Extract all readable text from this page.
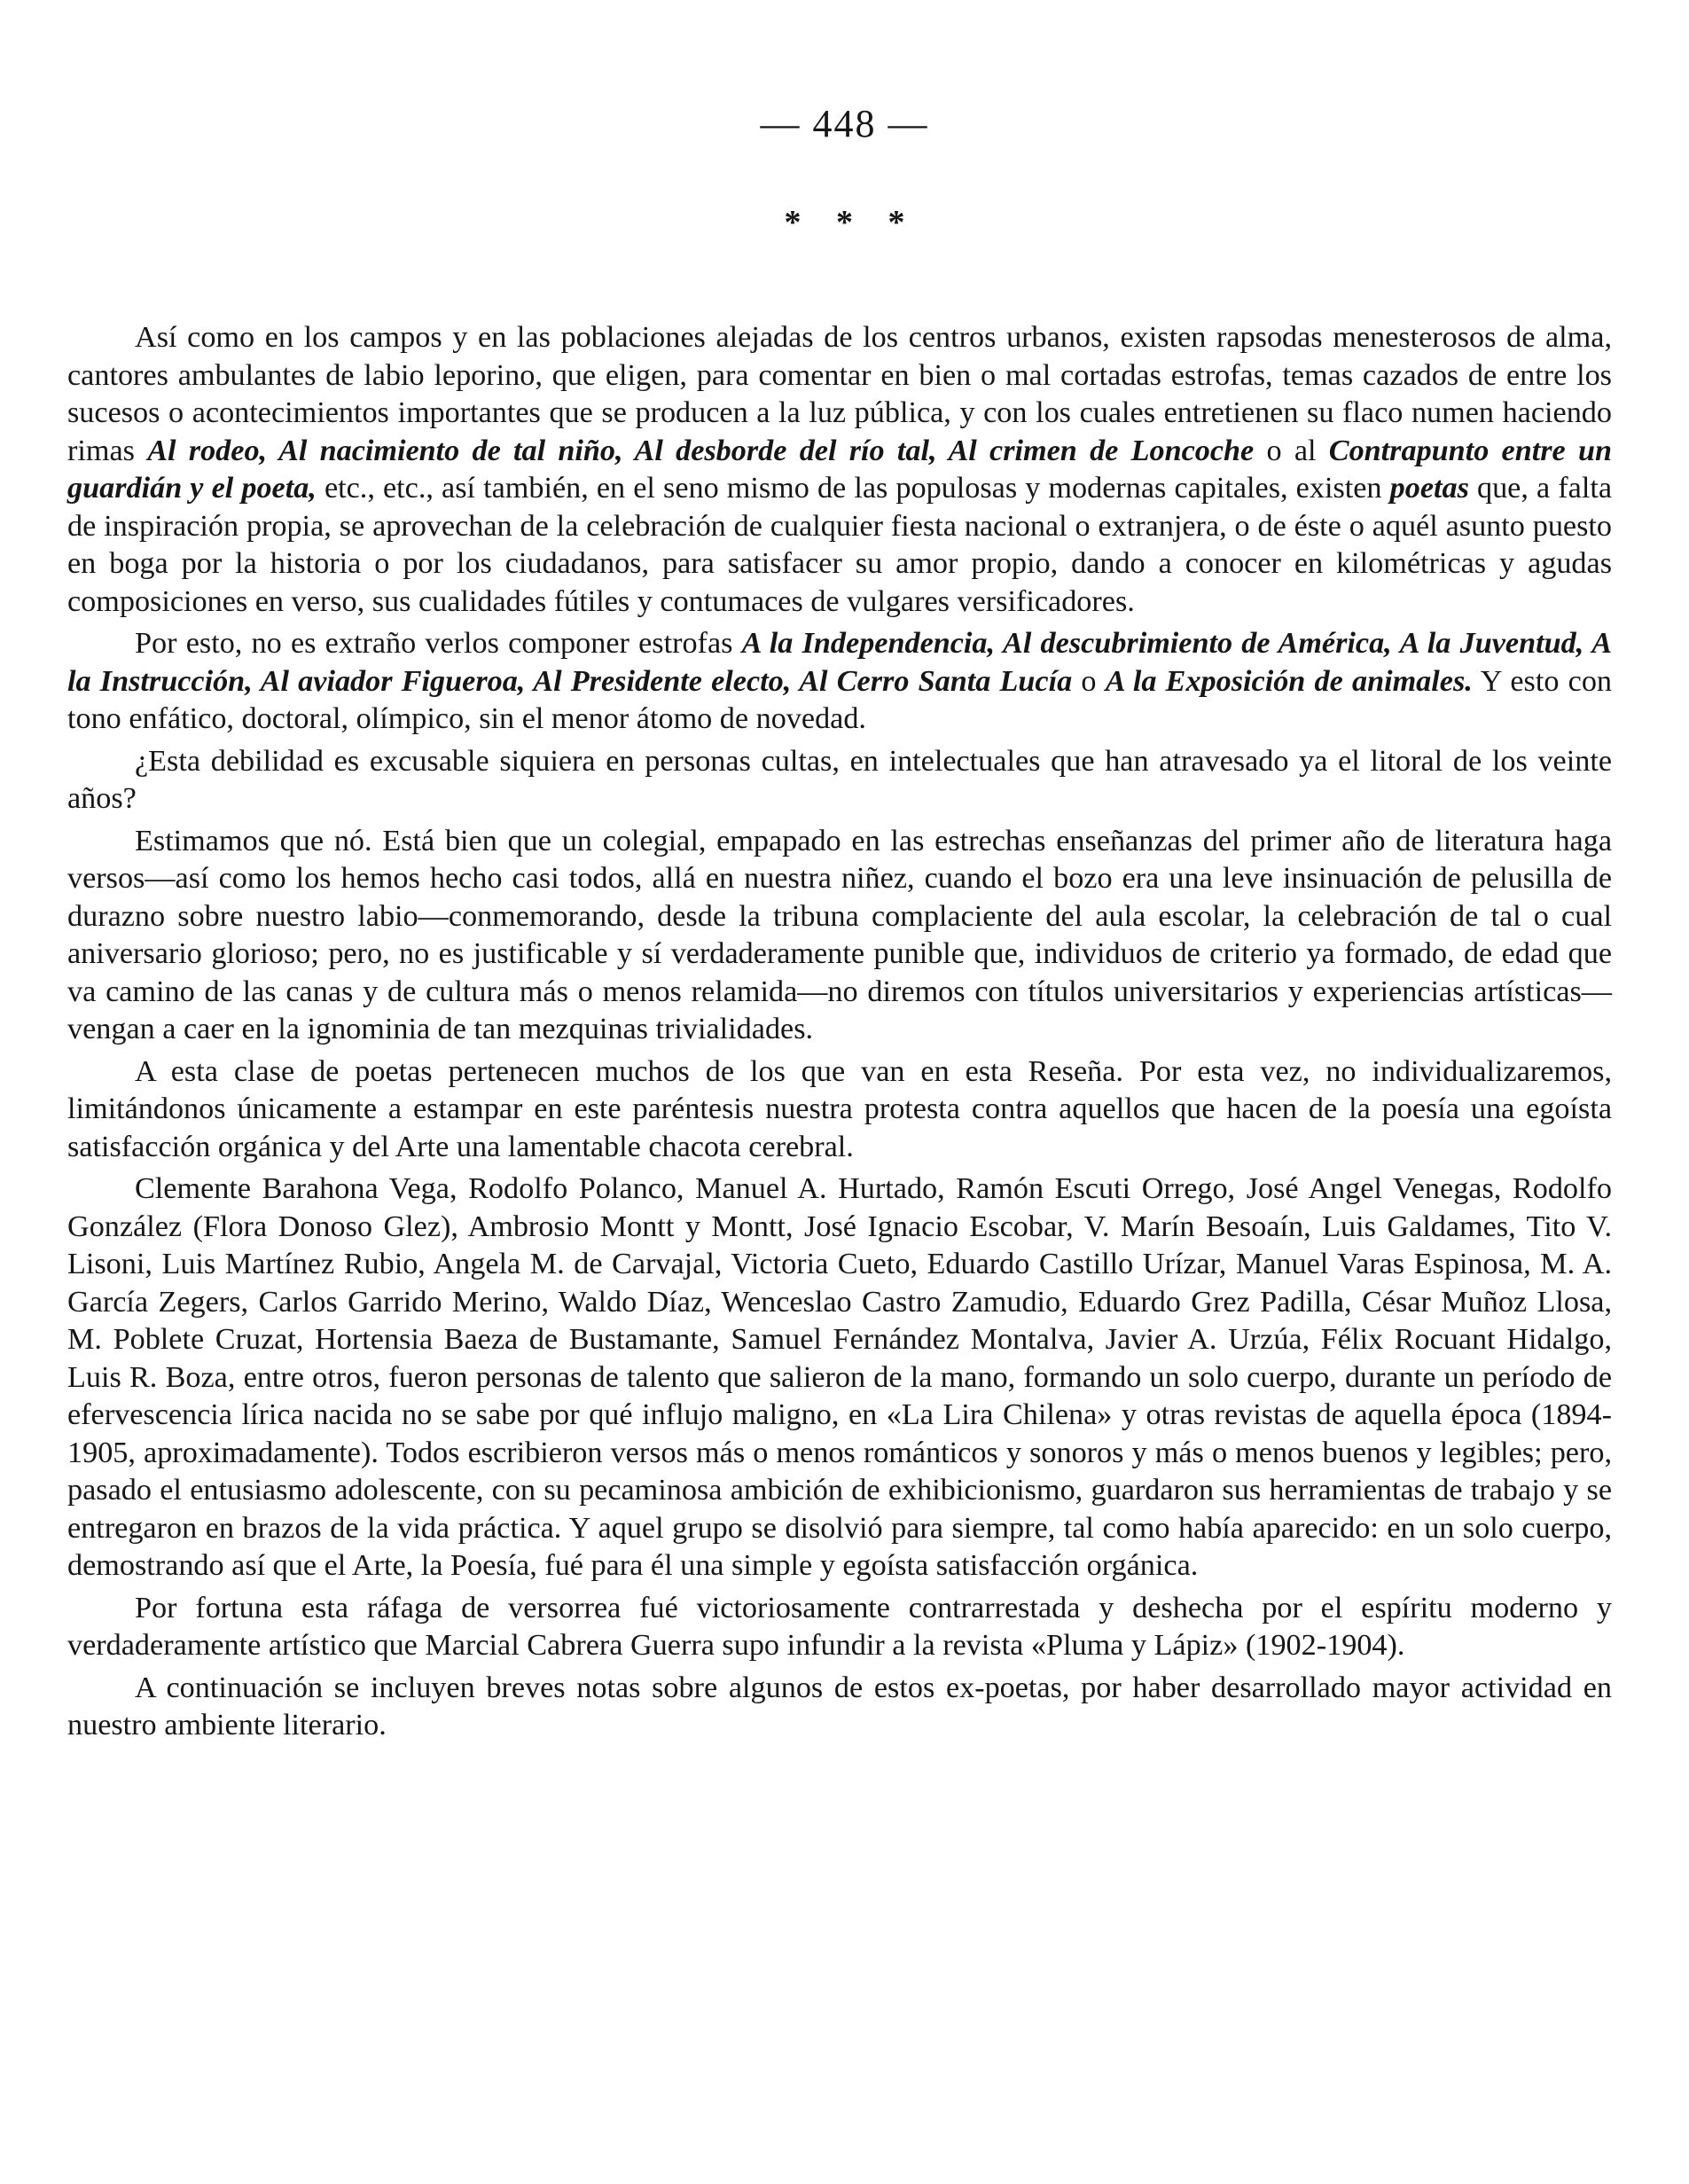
— 448 —
* * *

Así como en los campos y en las poblaciones alejadas de los centros urbanos, existen rapsodas menesterosos de alma, cantores ambulantes de labio leporino, que eligen, para comentar en bien o mal cortadas estrofas, temas cazados de entre los sucesos o acontecimientos importantes que se producen a la luz pública, y con los cuales entretienen su flaco numen haciendo rimas Al rodeo, Al nacimiento de tal niño, Al desborde del río tal, Al crimen de Loncoche o al Contrapunto entre un guardián y el poeta, etc., etc., así también, en el seno mismo de las populosas y modernas capitales, existen poetas que, a falta de inspiración propia, se aprovechan de la celebración de cualquier fiesta nacional o extranjera, o de éste o aquél asunto puesto en boga por la historia o por los ciudadanos, para satisfacer su amor propio, dando a conocer en kilométricas y agudas composiciones en verso, sus cualidades fútiles y contumaces de vulgares versificadores.

Por esto, no es extraño verlos componer estrofas A la Independencia, Al descubrimiento de América, A la Juventud, A la Instrucción, Al aviador Figueroa, Al Presidente electo, Al Cerro Santa Lucía o A la Exposición de animales. Y esto con tono enfático, doctoral, olímpico, sin el menor átomo de novedad.

¿Esta debilidad es excusable siquiera en personas cultas, en intelectuales que han atravesado ya el litoral de los veinte años?

Estimamos que nó. Está bien que un colegial, empapado en las estrechas enseñanzas del primer año de literatura haga versos—así como los hemos hecho casi todos, allá en nuestra niñez, cuando el bozo era una leve insinuación de pelusilla de durazno sobre nuestro labio—conmemorando, desde la tribuna complaciente del aula escolar, la celebración de tal o cual aniversario glorioso; pero, no es justificable y sí verdaderamente punible que, individuos de criterio ya formado, de edad que va camino de las canas y de cultura más o menos relamida—no diremos con títulos universitarios y experiencias artísticas—vengan a caer en la ignominia de tan mezquinas trivialidades.

A esta clase de poetas pertenecen muchos de los que van en esta Reseña. Por esta vez, no individualizaremos, limitándonos únicamente a estampar en este paréntesis nuestra protesta contra aquellos que hacen de la poesía una egoísta satisfacción orgánica y del Arte una lamentable chacota cerebral.

Clemente Barahona Vega, Rodolfo Polanco, Manuel A. Hurtado, Ramón Escuti Orrego, José Angel Venegas, Rodolfo González (Flora Donoso Glez), Ambrosio Montt y Montt, José Ignacio Escobar, V. Marín Besoaín, Luis Galdames, Tito V. Lisoni, Luis Martínez Rubio, Angela M. de Carvajal, Victoria Cueto, Eduardo Castillo Urízar, Manuel Varas Espinosa, M. A. García Zegers, Carlos Garrido Merino, Waldo Díaz, Wenceslao Castro Zamudio, Eduardo Grez Padilla, César Muñoz Llosa, M. Poblete Cruzat, Hortensia Baeza de Bustamante, Samuel Fernández Montalva, Javier A. Urzúa, Félix Rocuant Hidalgo, Luis R. Boza, entre otros, fueron personas de talento que salieron de la mano, formando un solo cuerpo, durante un período de efervescencia lírica nacida no se sabe por qué influjo maligno, en «La Lira Chilena» y otras revistas de aquella época (1894-1905, aproximadamente). Todos escribieron versos más o menos románticos y sonoros y más o menos buenos y legibles; pero, pasado el entusiasmo adolescente, con su pecaminosa ambición de exhibicionismo, guardaron sus herramientas de trabajo y se entregaron en brazos de la vida práctica. Y aquel grupo se disolvió para siempre, tal como había aparecido: en un solo cuerpo, demostrando así que el Arte, la Poesía, fué para él una simple y egoísta satisfacción orgánica.

Por fortuna esta ráfaga de versorrea fué victoriosamente contrarrestada y deshecha por el espíritu moderno y verdaderamente artístico que Marcial Cabrera Guerra supo infundir a la revista «Pluma y Lápiz» (1902-1904).

A continuación se incluyen breves notas sobre algunos de estos ex-poetas, por haber desarrollado mayor actividad en nuestro ambiente literario.
